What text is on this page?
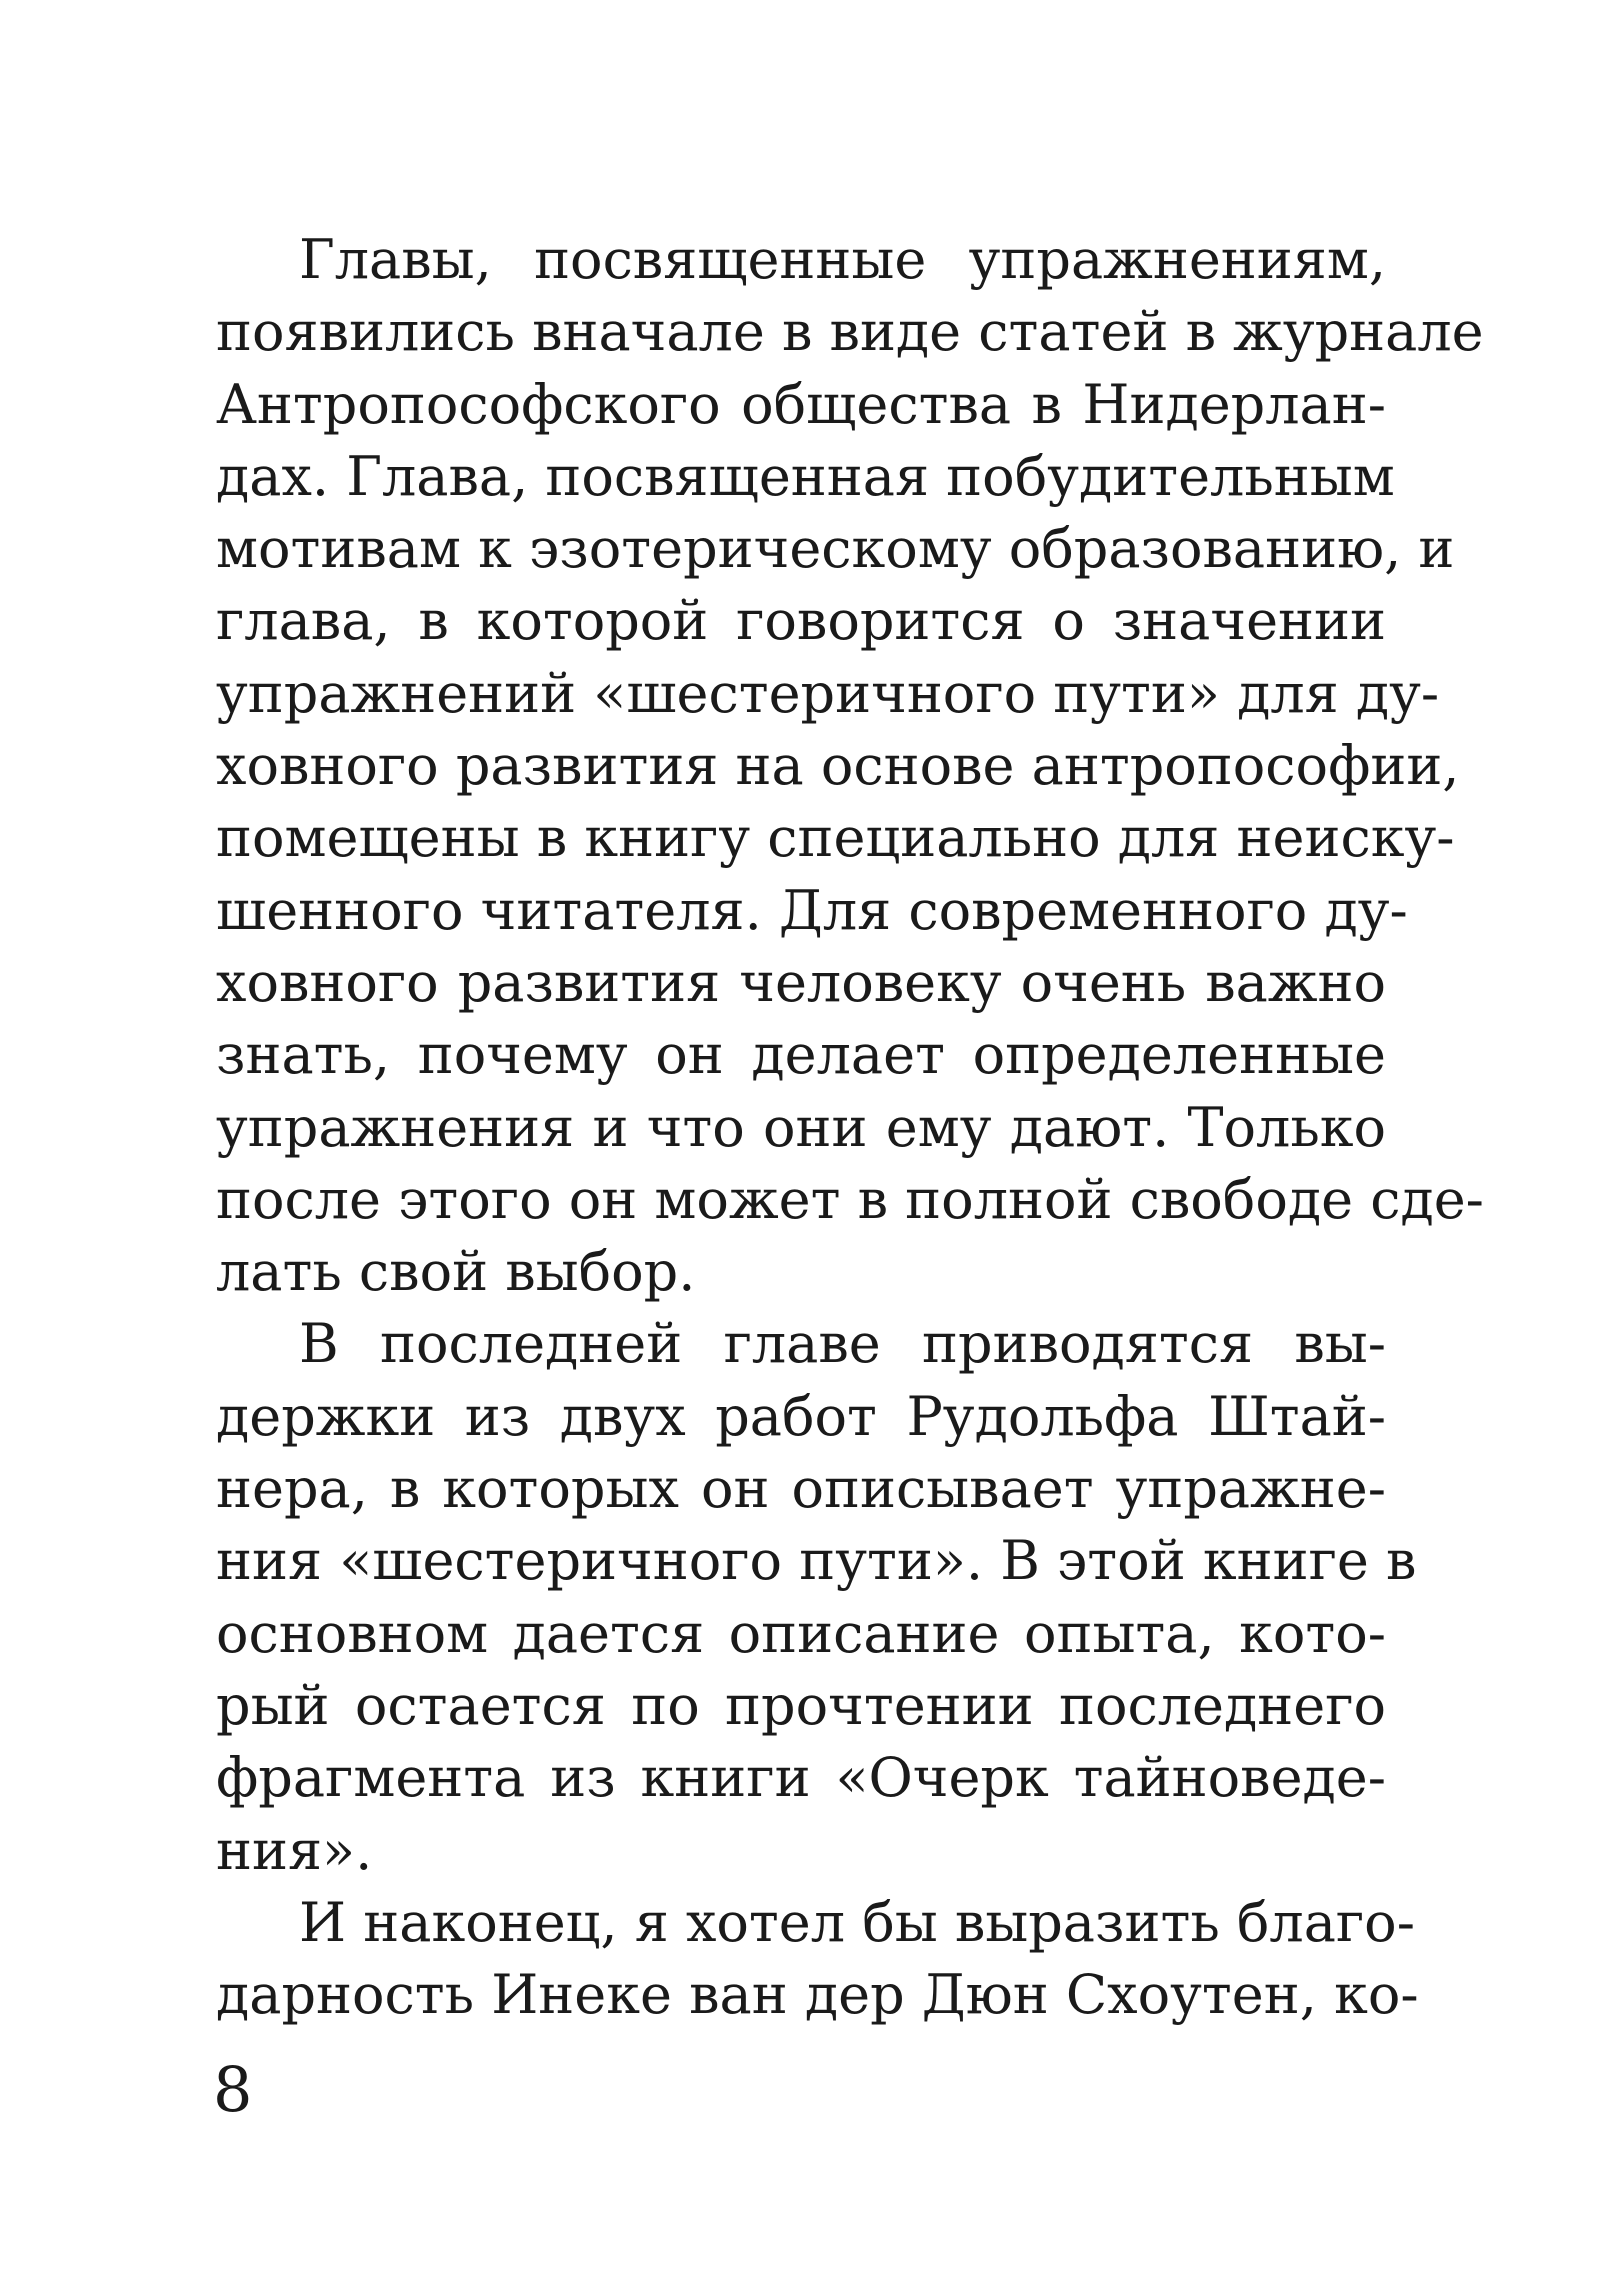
Главы, посвященные упражнениям,
появились вначале в виде статей в журнале
Антропософского общества в Нидерлан-
дах. Глава, посвященная побудительным
мотивам к эзотерическому образованию, и
глава, в которой говорится о значении
упражнений «шестеричного пути» для ду-
ховного развития на основе антропософии,
помещены в книгу специально для неиску-
шенного читателя. Для современного ду-
ховного развития человеку очень важно
знать, почему он делает определенные
упражнения и что они ему дают. Только
после этого он может в полной свободе сде-
лать свой выбор.
В последней главе приводятся вы-
держки из двух работ Рудольфа Штай-
нера, в которых он описывает упражне-
ния «шестеричного пути». В этой книге в
основном дается описание опыта, кото-
рый остается по прочтении последнего
фрагмента из книги «Очерк тайноведе-
ния».
И наконец, я хотел бы выразить благо-
дарность Инеке ван дер Дюн Схоутен, ко-
8
